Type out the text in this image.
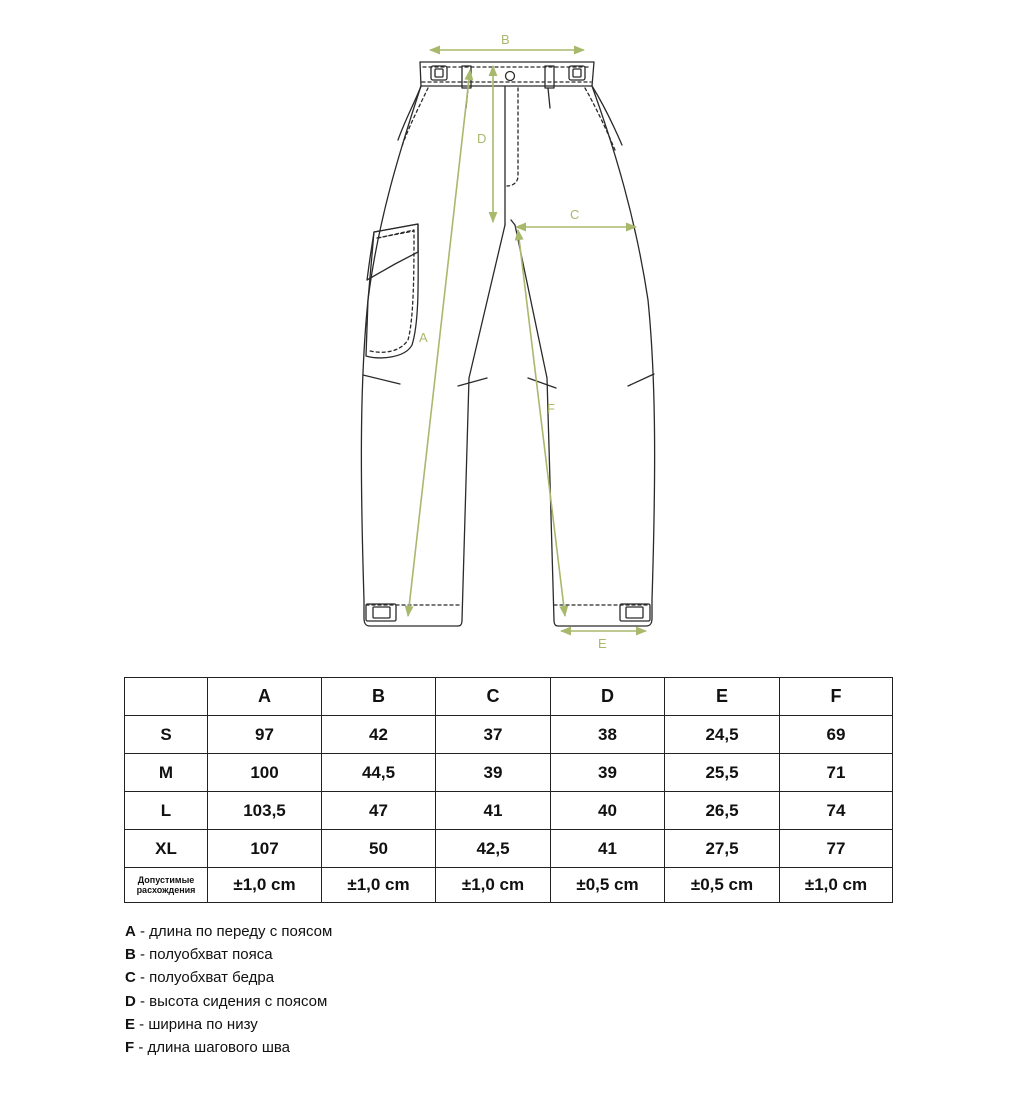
B
D
C
A
F
E
	A	B	C	D	E	F
S	97	42	37	38	24,5	69
M	100	44,5	39	39	25,5	71
L	103,5	47	41	40	26,5	74
XL	107	50	42,5	41	27,5	77
Допустимые
расхождения	±1,0 cm	±1,0 cm	±1,0 cm	±0,5 cm	±0,5 cm	±1,0 cm
A - длина по переду с поясом
B - полуобхват пояса
C - полуобхват бедра
D - высота сидения с поясом
E - ширина по низу
F - длина шагового шва
